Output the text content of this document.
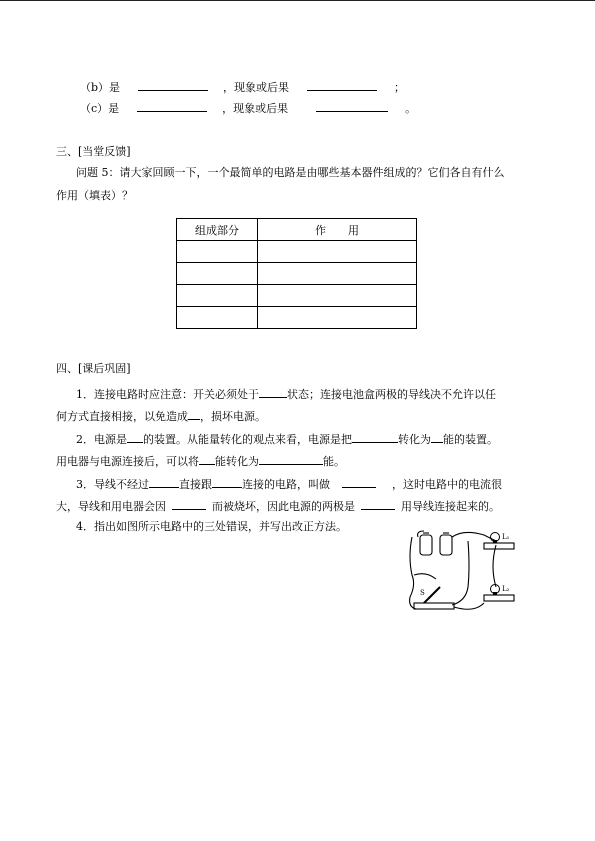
（b）是	，现象或后果	；
（c）是	，现象或后果	。
三、[当堂反馈]
问题 5：请大家回顾一下，一个最简单的电路是由哪些基本器件组成的？它们各自有什么
作用（填表）？
组成部分	作　　用

四、[课后巩固]
1．连接电路时应注意：开关必须处于	状态；连接电池盒两极的导线决不允许以任
何方式直接相接，以免造成 ，损坏电源。
2．电源是 的装置。从能量转化的观点来看，电源是把	转化为 能的装置。
用电器与电源连接后，可以将 能转化为	能。
3．导线不经过	直接跟	连接的电路，叫做	，这时电路中的电流很
大，导线和用电器会因	而被烧坏，因此电源的两极是	用导线连接起来的。
4．指出如图所示电路中的三处错误，并写出改正方法。
L₁
L₂
S
